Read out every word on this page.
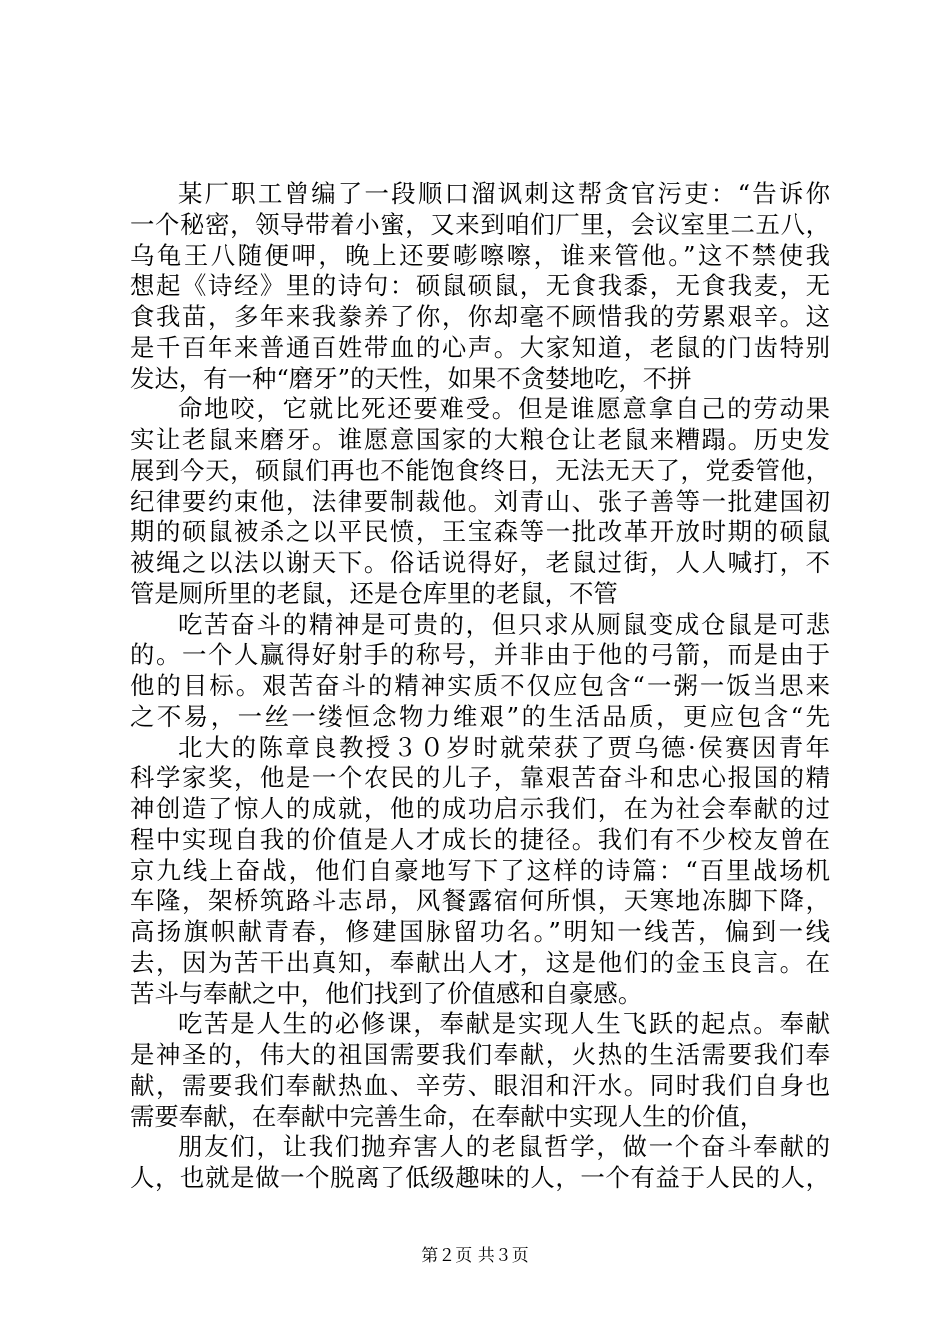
某厂职工曾编了一段顺口溜讽刺这帮贪官污吏：“告诉你
一个秘密，领导带着小蜜，又来到咱们厂里，会议室里二五八，
乌龟王八随便呷，晚上还要嘭嚓嚓，谁来管他。”这不禁使我
想起《诗经》里的诗句：硕鼠硕鼠，无食我黍，无食我麦，无
食我苗，多年来我豢养了你，你却毫不顾惜我的劳累艰辛。这
是千百年来普通百姓带血的心声。大家知道，老鼠的门齿特别
发达，有一种“磨牙”的天性，如果不贪婪地吃，不拼
命地咬，它就比死还要难受。但是谁愿意拿自己的劳动果
实让老鼠来磨牙。谁愿意国家的大粮仓让老鼠来糟蹋。历史发
展到今天，硕鼠们再也不能饱食终日，无法无天了，党委管他，
纪律要约束他，法律要制裁他。刘青山、张子善等一批建国初
期的硕鼠被杀之以平民愤，王宝森等一批改革开放时期的硕鼠
被绳之以法以谢天下。俗话说得好，老鼠过街，人人喊打，不
管是厕所里的老鼠，还是仓库里的老鼠，不管
吃苦奋斗的精神是可贵的，但只求从厕鼠变成仓鼠是可悲
的。一个人赢得好射手的称号，并非由于他的弓箭，而是由于
他的目标。艰苦奋斗的精神实质不仅应包含“一粥一饭当思来
之不易，一丝一缕恒念物力维艰”的生活品质，更应包含“先
北大的陈章良教授３０岁时就荣获了贾乌德·侯赛因青年
科学家奖，他是一个农民的儿子，靠艰苦奋斗和忠心报国的精
神创造了惊人的成就，他的成功启示我们，在为社会奉献的过
程中实现自我的价值是人才成长的捷径。我们有不少校友曾在
京九线上奋战，他们自豪地写下了这样的诗篇：“百里战场机
车隆，架桥筑路斗志昂，风餐露宿何所惧，天寒地冻脚下降，
高扬旗帜献青春，修建国脉留功名。”明知一线苦，偏到一线
去，因为苦干出真知，奉献出人才，这是他们的金玉良言。在
苦斗与奉献之中，他们找到了价值感和自豪感。
吃苦是人生的必修课，奉献是实现人生飞跃的起点。奉献
是神圣的，伟大的祖国需要我们奉献，火热的生活需要我们奉
献，需要我们奉献热血、辛劳、眼泪和汗水。同时我们自身也
需要奉献，在奉献中完善生命，在奉献中实现人生的价值，
朋友们，让我们抛弃害人的老鼠哲学，做一个奋斗奉献的
人，也就是做一个脱离了低级趣味的人，一个有益于人民的人，
第２页 共３页
